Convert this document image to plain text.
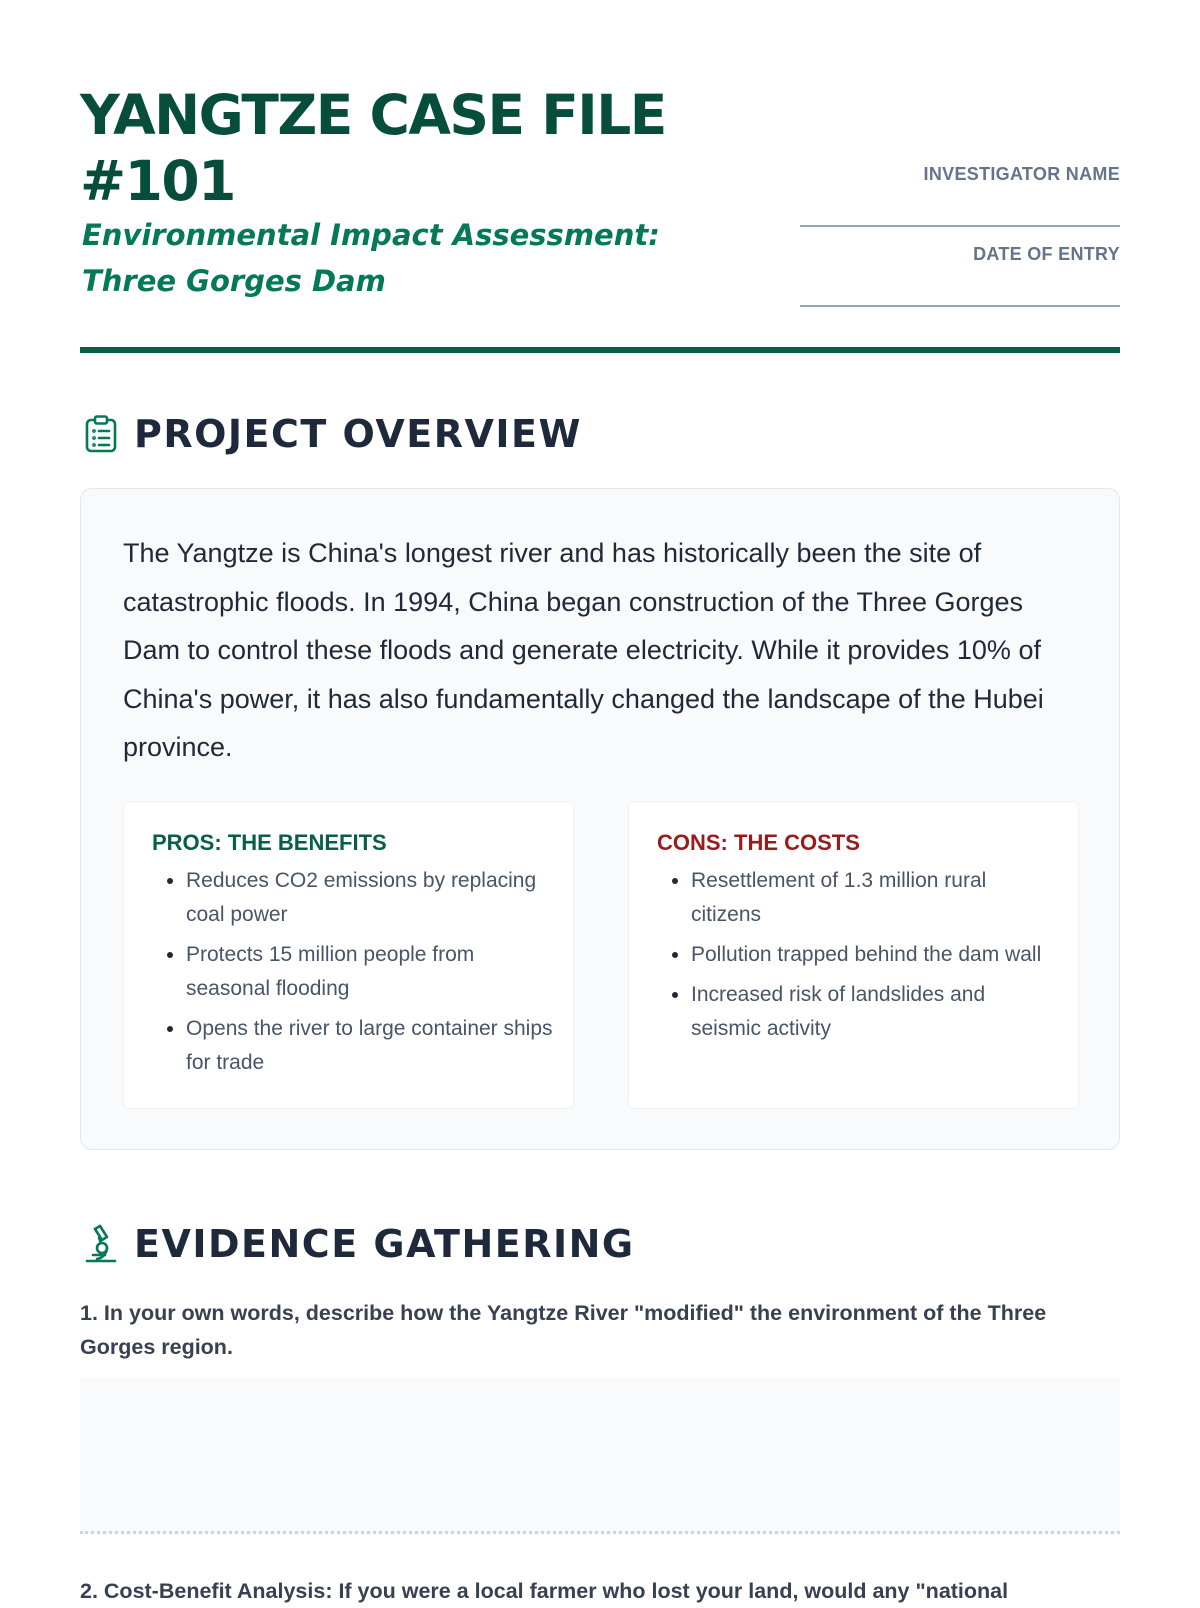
YANGTZE CASE FILE #101

Environmental Impact Assessment: Three Gorges Dam

INVESTIGATOR NAME
DATE OF ENTRY
PROJECT OVERVIEW

The Yangtze is China's longest river and has historically been the site of catastrophic floods. In 1994, China began construction of the Three Gorges Dam to control these floods and generate electricity. While it provides 10% of China's power, it has also fundamentally changed the landscape of the Hubei province.

PROS: THE BENEFITS

• Reduces CO2 emissions by replacing coal power
• Protects 15 million people from seasonal flooding
• Opens the river to large container ships for trade

CONS: THE COSTS

• Resettlement of 1.3 million rural citizens
• Pollution trapped behind the dam wall
• Increased risk of landslides and seismic activity
EVIDENCE GATHERING

1. In your own words, describe how the Yangtze River "modified" the environment of the Three Gorges region.

2. Cost-Benefit Analysis: If you were a local farmer who lost your land, would any "national
